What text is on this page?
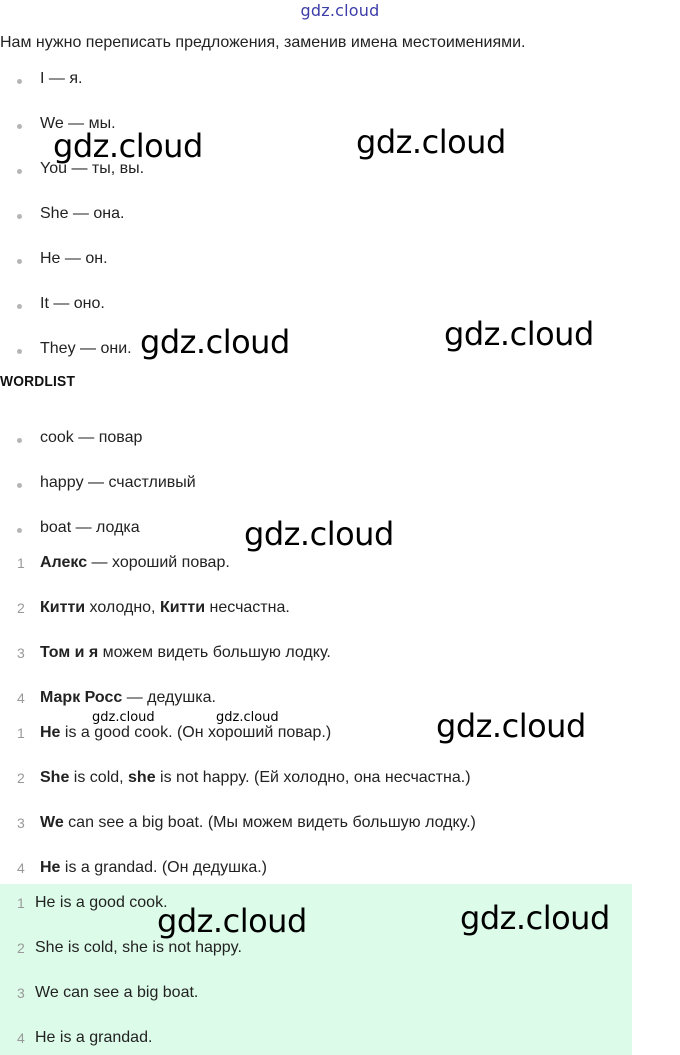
gdz.cloud
Нам нужно переписать предложения, заменив имена местоимениями.
I — я.
We — мы.
You — ты, вы.
She — она.
He — он.
It — оно.
They — они.
WORDLIST
cook — повар
happy — счастливый
boat — лодка
1 Алекс — хороший повар.
2 Китти холодно, Китти несчастна.
3 Том и я можем видеть большую лодку.
4 Марк Росс — дедушка.
1 He is a good cook. (Он хороший повар.)
2 She is cold, she is not happy. (Ей холодно, она несчастна.)
3 We can see a big boat. (Мы можем видеть большую лодку.)
4 He is a grandad. (Он дедушка.)
1 He is a good cook.
2 She is cold, she is not happy.
3 We can see a big boat.
4 He is a grandad.
gdz.cloud	gdz.cloud
gdz.cloud	gdz.cloud
gdz.cloud
gdz.cloud	gdz.cloud	gdz.cloud
gdz.cloud	gdz.cloud
